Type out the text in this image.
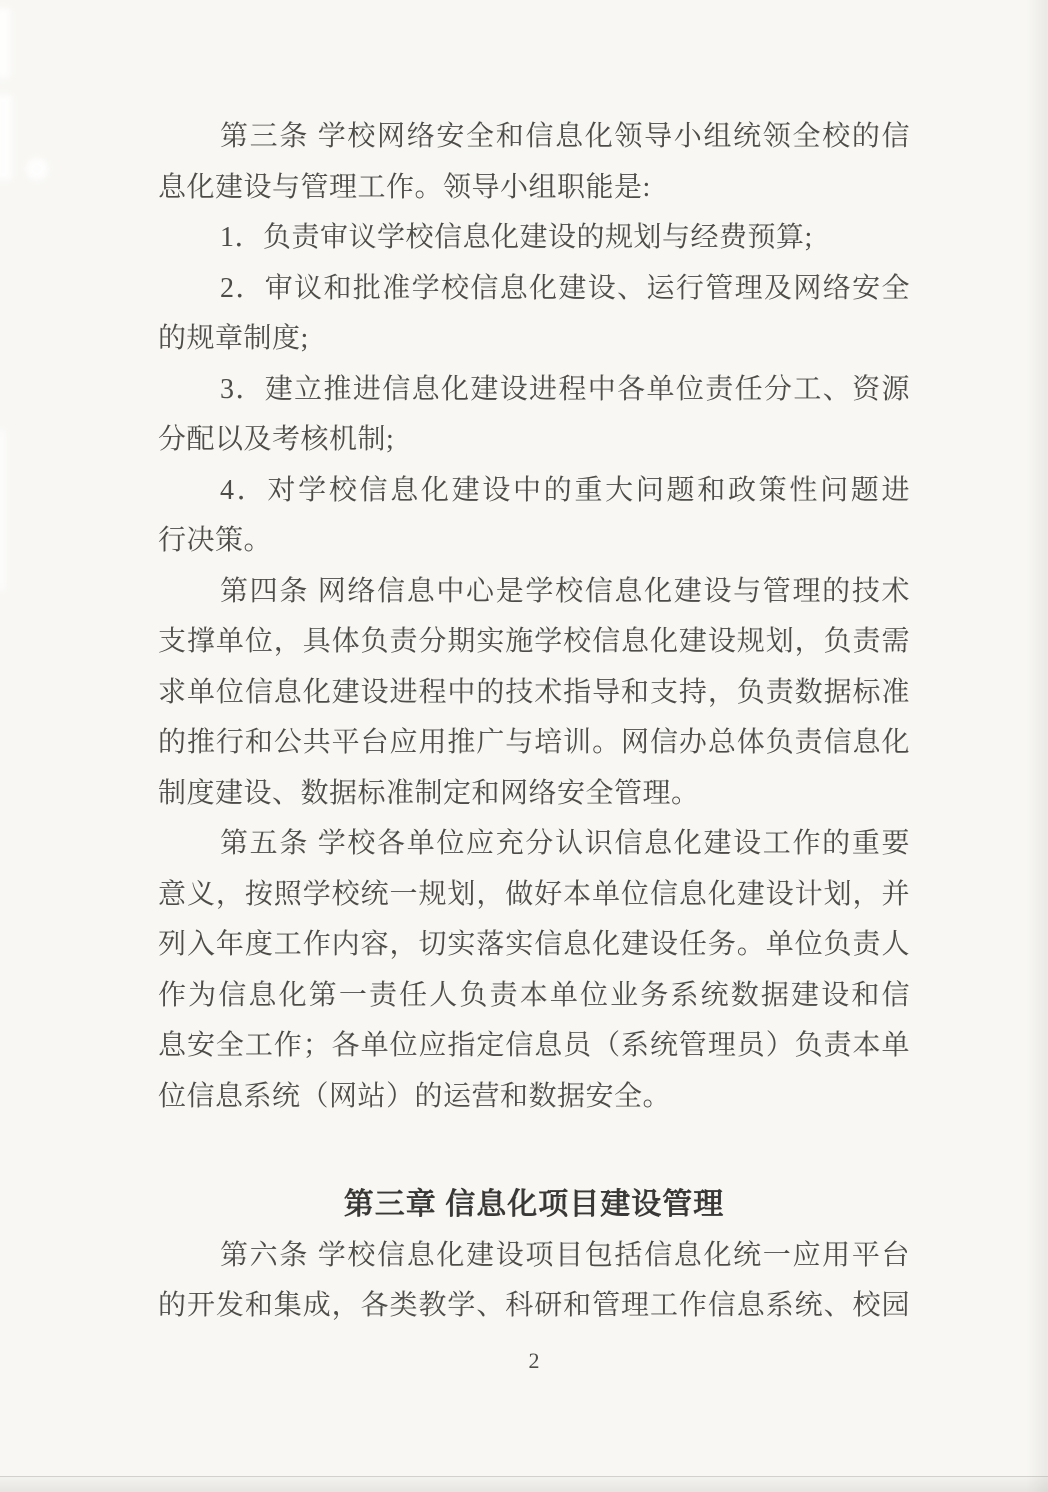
第三条 学校网络安全和信息化领导小组统领全校的信
息化建设与管理工作。领导小组职能是:
1．负责审议学校信息化建设的规划与经费预算;
2．审议和批准学校信息化建设、运行管理及网络安全
的规章制度;
3．建立推进信息化建设进程中各单位责任分工、资源
分配以及考核机制;
4．对学校信息化建设中的重大问题和政策性问题进
行决策。
第四条 网络信息中心是学校信息化建设与管理的技术
支撑单位，具体负责分期实施学校信息化建设规划，负责需
求单位信息化建设进程中的技术指导和支持，负责数据标准
的推行和公共平台应用推广与培训。网信办总体负责信息化
制度建设、数据标准制定和网络安全管理。
第五条 学校各单位应充分认识信息化建设工作的重要
意义，按照学校统一规划，做好本单位信息化建设计划，并
列入年度工作内容，切实落实信息化建设任务。单位负责人
作为信息化第一责任人负责本单位业务系统数据建设和信
息安全工作；各单位应指定信息员（系统管理员）负责本单
位信息系统（网站）的运营和数据安全。
第三章 信息化项目建设管理
第六条 学校信息化建设项目包括信息化统一应用平台
的开发和集成，各类教学、科研和管理工作信息系统、校园
2
